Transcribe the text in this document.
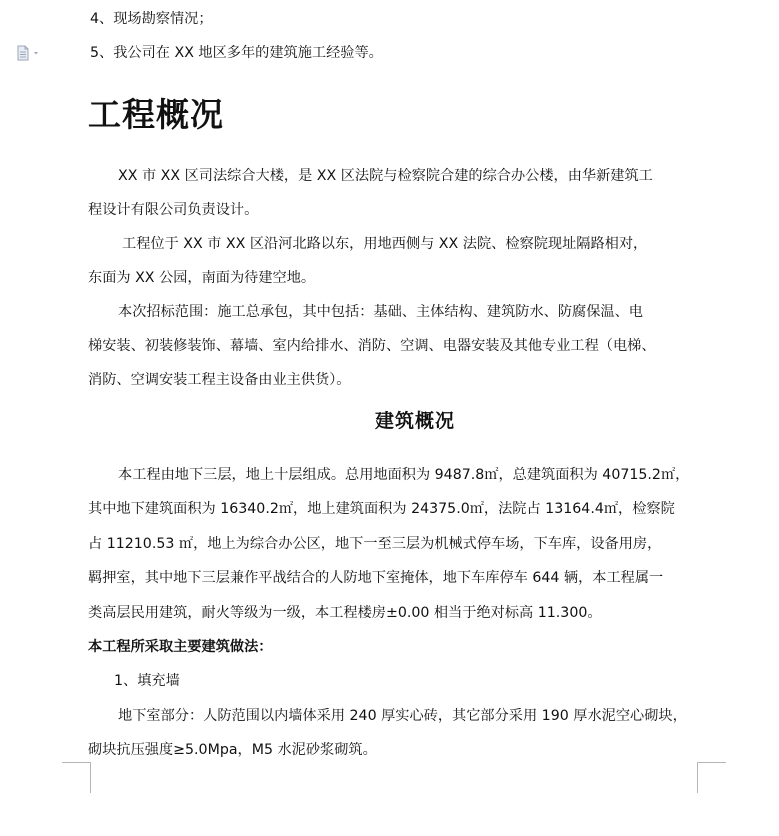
4、现场勘察情况；
5、我公司在 XX 地区多年的建筑施工经验等。
工程概况
XX 市 XX 区司法综合大楼，是 XX 区法院与检察院合建的综合办公楼，由华新建筑工
程设计有限公司负责设计。
工程位于 XX 市 XX 区沿河北路以东，用地西侧与 XX 法院、检察院现址隔路相对，
东面为 XX 公园，南面为待建空地。
本次招标范围：施工总承包，其中包括：基础、主体结构、建筑防水、防腐保温、电
梯安装、初装修装饰、幕墙、室内给排水、消防、空调、电器安装及其他专业工程（电梯、
消防、空调安装工程主设备由业主供货）。
建筑概况
本工程由地下三层，地上十层组成。总用地面积为 9487.8㎡，总建筑面积为 40715.2㎡，
其中地下建筑面积为 16340.2㎡，地上建筑面积为 24375.0㎡，法院占 13164.4㎡，检察院
占 11210.53 ㎡，地上为综合办公区，地下一至三层为机械式停车场，下车库，设备用房，
羁押室，其中地下三层兼作平战结合的人防地下室掩体，地下车库停车 644 辆，本工程属一
类高层民用建筑，耐火等级为一级，本工程楼房±0.00 相当于绝对标高 11.300。
本工程所采取主要建筑做法：
1、填充墙
地下室部分：人防范围以内墙体采用 240 厚实心砖，其它部分采用 190 厚水泥空心砌块，
砌块抗压强度≥5.0Mpa，M5 水泥砂浆砌筑。
